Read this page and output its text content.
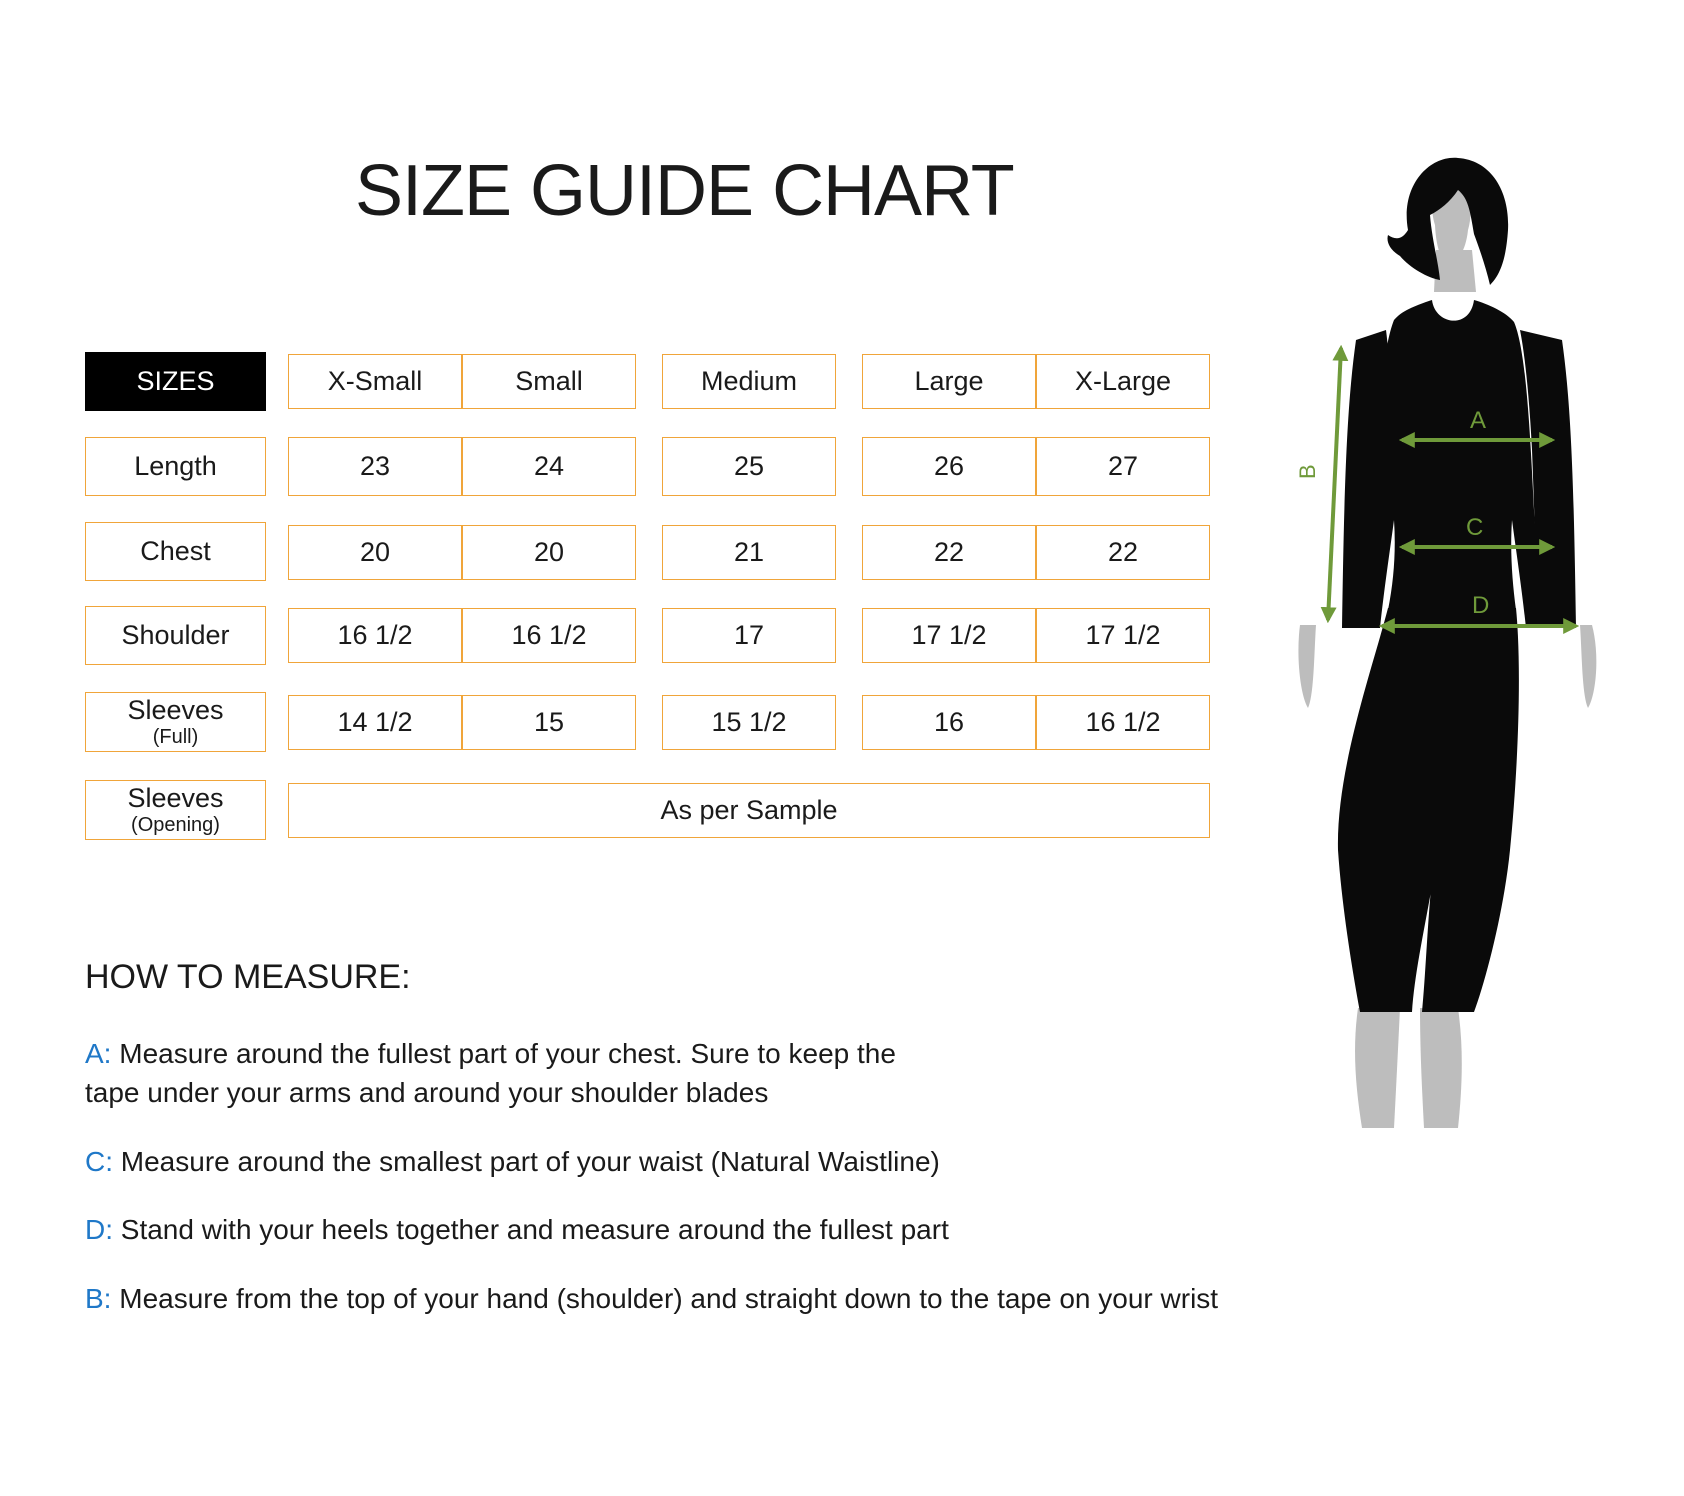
SIZE GUIDE CHART
SIZES	X-Small	Small	Medium	Large	X-Large
Length	23	24	25	26	27
Chest	20	20	21	22	22
Shoulder	16 1/2	16 1/2	17	17 1/2	17 1/2
Sleeves
(Full)	14 1/2	15	15 1/2	16	16 1/2
Sleeves
(Opening)	As per Sample
HOW TO MEASURE:
A: Measure around the fullest part of your chest. Sure to keep the
tape under your arms and around your shoulder blades
C: Measure around the smallest part of your waist (Natural Waistline)
D: Stand with your heels together and measure around the fullest part
B: Measure from the top of your hand (shoulder) and straight down to the tape on your wrist
A
C
D
B
